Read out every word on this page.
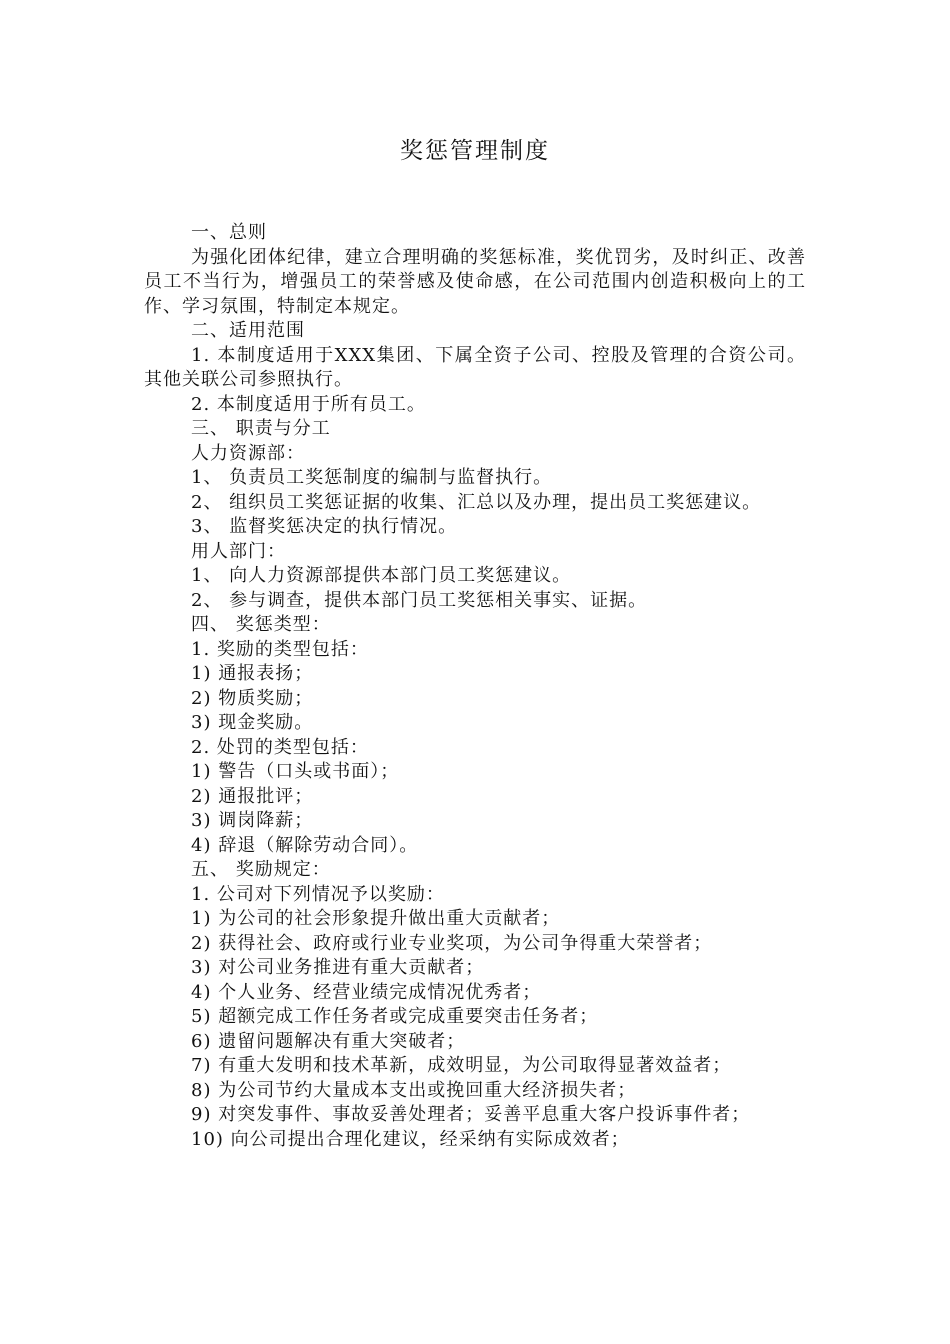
奖惩管理制度

一、总则

为强化团体纪律，建立合理明确的奖惩标准，奖优罚劣，及时纠正、改善员工不当行为，增强员工的荣誉感及使命感，在公司范围内创造积极向上的工作、学习氛围，特制定本规定。

二、适用范围

1. 本制度适用于XXX集团、下属全资子公司、控股及管理的合资公司。其他关联公司参照执行。

2. 本制度适用于所有员工。

三、 职责与分工

人力资源部：

1、 负责员工奖惩制度的编制与监督执行。

2、 组织员工奖惩证据的收集、汇总以及办理，提出员工奖惩建议。

3、 监督奖惩决定的执行情况。

用人部门：

1、 向人力资源部提供本部门员工奖惩建议。

2、 参与调查，提供本部门员工奖惩相关事实、证据。

四、 奖惩类型：

1. 奖励的类型包括：

1) 通报表扬；

2) 物质奖励；

3) 现金奖励。

2. 处罚的类型包括：

1) 警告（口头或书面）；

2) 通报批评；

3) 调岗降薪；

4) 辞退（解除劳动合同）。

五、 奖励规定：

1. 公司对下列情况予以奖励：

1) 为公司的社会形象提升做出重大贡献者；

2) 获得社会、政府或行业专业奖项，为公司争得重大荣誉者；

3) 对公司业务推进有重大贡献者；

4) 个人业务、经营业绩完成情况优秀者；

5) 超额完成工作任务者或完成重要突击任务者；

6) 遗留问题解决有重大突破者；

7) 有重大发明和技术革新，成效明显，为公司取得显著效益者；

8) 为公司节约大量成本支出或挽回重大经济损失者；

9) 对突发事件、事故妥善处理者；妥善平息重大客户投诉事件者；

10) 向公司提出合理化建议，经采纳有实际成效者；
